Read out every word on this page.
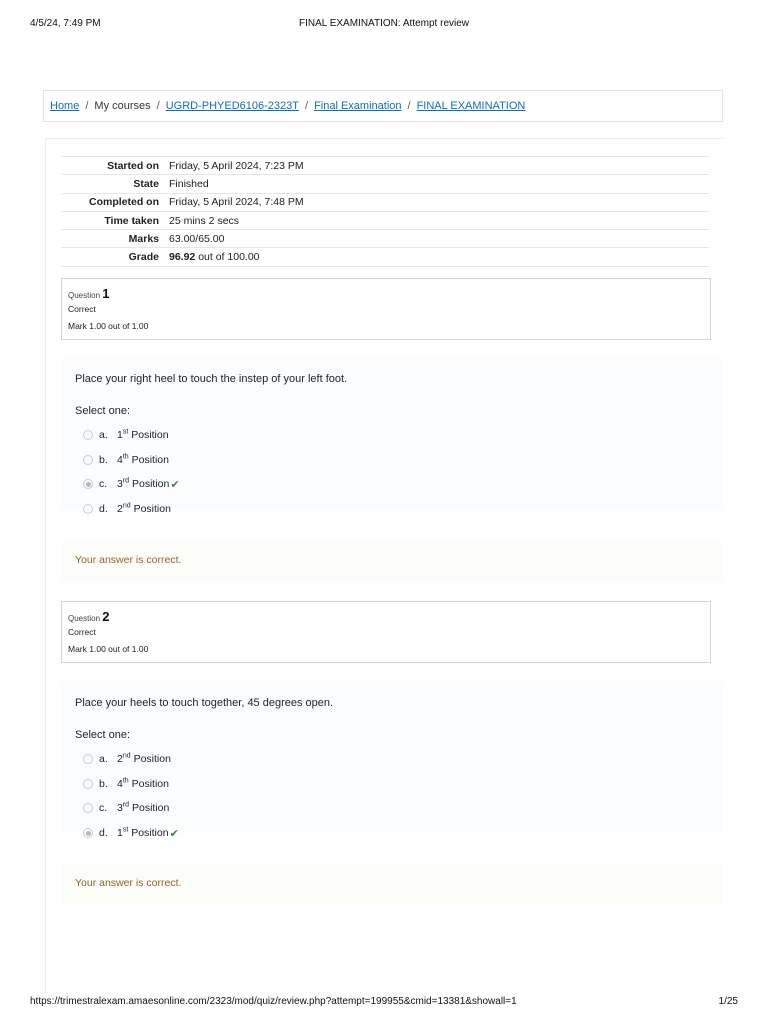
4/5/24, 7:49 PM	FINAL EXAMINATION: Attempt review
Home / My courses / UGRD-PHYED6106-2323T / Final Examination / FINAL EXAMINATION
Started on	Friday, 5 April 2024, 7:23 PM
State	Finished
Completed on	Friday, 5 April 2024, 7:48 PM
Time taken	25 mins 2 secs
Marks	63.00/65.00
Grade	96.92 out of 100.00
Question 1
Correct
Mark 1.00 out of 1.00
Place your right heel to touch the instep of your left foot.
Select one:
a. 1st Position
b. 4th Position
c. 3rd Position ✔
d. 2nd Position
Your answer is correct.
Question 2
Correct
Mark 1.00 out of 1.00
Place your heels to touch together, 45 degrees open.
Select one:
a. 2nd Position
b. 4th Position
c. 3rd Position
d. 1st Position ✔
Your answer is correct.
https://trimestralexam.amaesonline.com/2323/mod/quiz/review.php?attempt=199955&cmid=13381&showall=1	1/25
